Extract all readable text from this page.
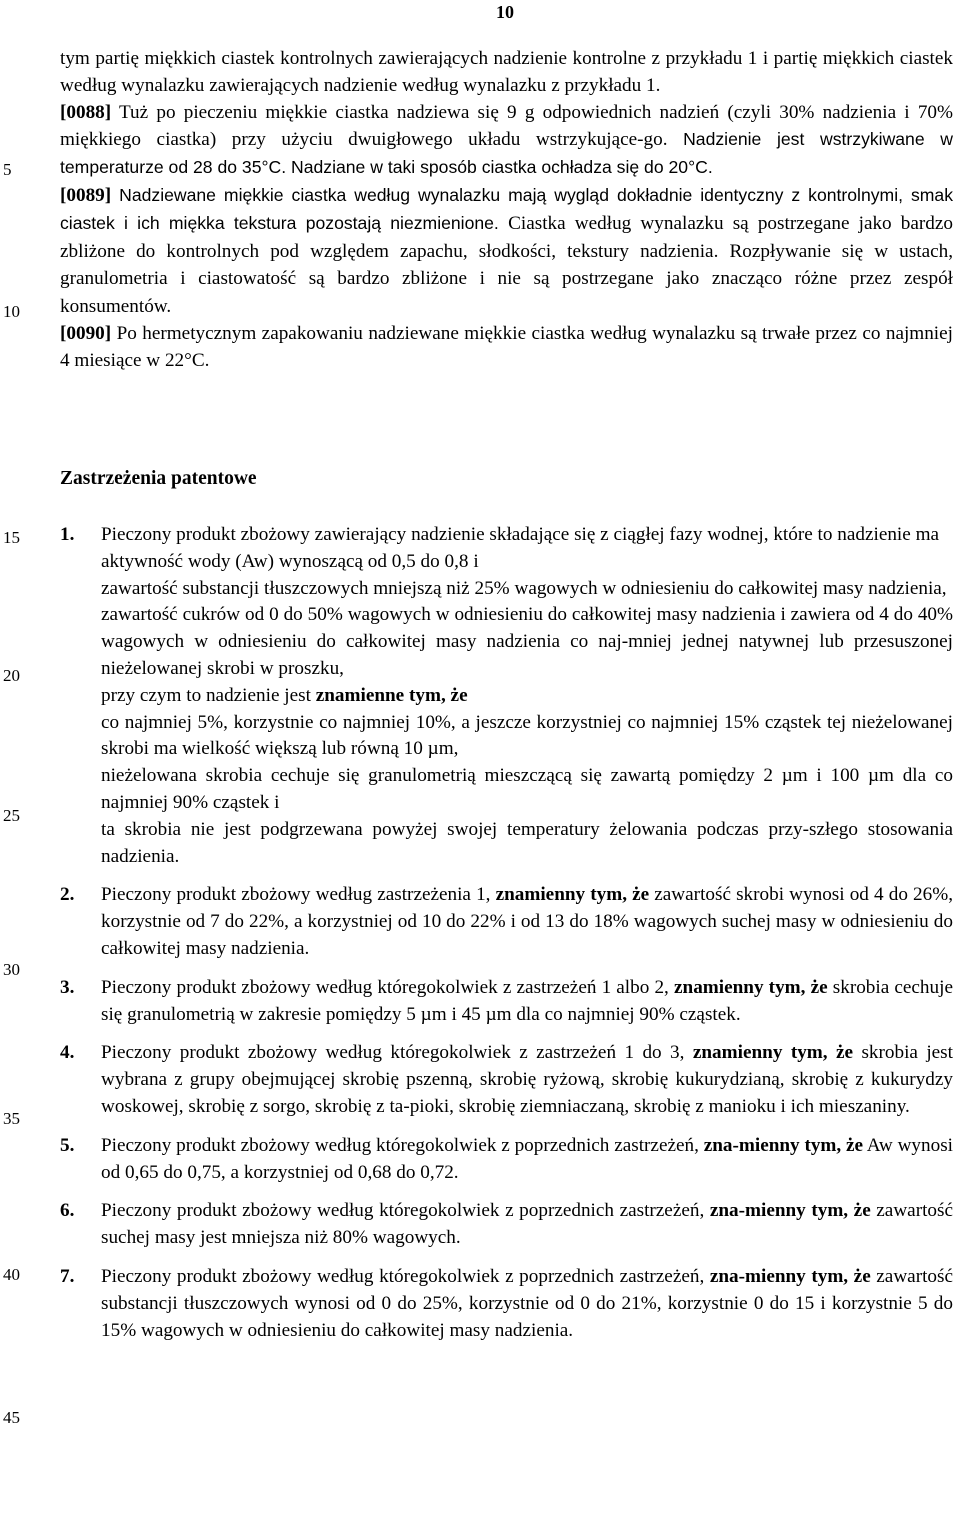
10
5
10
15
20
25
30
35
40
45

tym partię miękkich ciastek kontrolnych zawierających nadzienie kontrolne z przykładu 1 i partię miękkich ciastek według wynalazku zawierających nadzienie według wynalazku z przykładu 1.

[0088] Tuż po pieczeniu miękkie ciastka nadziewa się 9 g odpowiednich nadzień (czyli 30% nadzienia i 70% miękkiego ciastka) przy użyciu dwuigłowego układu wstrzykujące-go. Nadzienie jest wstrzykiwane w temperaturze od 28 do 35°C. Nadziane w taki sposób ciastka ochładza się do 20°C.

[0089] Nadziewane miękkie ciastka według wynalazku mają wygląd dokładnie identyczny z kontrolnymi, smak ciastek i ich miękka tekstura pozostają niezmienione. Ciastka według wynalazku są postrzegane jako bardzo zbliżone do kontrolnych pod względem zapachu, słodkości, tekstury nadzienia. Rozpływanie się w ustach, granulometria i ciastowatość są bardzo zbliżone i nie są postrzegane jako znacząco różne przez zespół konsumentów.

[0090] Po hermetycznym zapakowaniu nadziewane miękkie ciastka według wynalazku są trwałe przez co najmniej 4 miesiące w 22°C.

Zastrzeżenia patentowe
1. Pieczony produkt zbożowy zawierający nadzienie składające się z ciągłej fazy wodnej, które to nadzienie ma

aktywność wody (Aw) wynoszącą od 0,5 do 0,8 i

zawartość substancji tłuszczowych mniejszą niż 25% wagowych w odniesieniu do całkowitej masy nadzienia,

zawartość cukrów od 0 do 50% wagowych w odniesieniu do całkowitej masy nadzienia i zawiera od 4 do 40% wagowych w odniesieniu do całkowitej masy nadzienia co naj-mniej jednej natywnej lub przesuszonej nieżelowanej skrobi w proszku,

przy czym to nadzienie jest znamienne tym, że

co najmniej 5%, korzystnie co najmniej 10%, a jeszcze korzystniej co najmniej 15% cząstek tej nieżelowanej skrobi ma wielkość większą lub równą 10 µm,

nieżelowana skrobia cechuje się granulometrią mieszczącą się zawartą pomiędzy 2 µm i 100 µm dla co najmniej 90% cząstek i

ta skrobia nie jest podgrzewana powyżej swojej temperatury żelowania podczas przy-szłego stosowania nadzienia.

2. Pieczony produkt zbożowy według zastrzeżenia 1, znamienny tym, że zawartość skrobi wynosi od 4 do 26%, korzystnie od 7 do 22%, a korzystniej od 10 do 22% i od 13 do 18% wagowych suchej masy w odniesieniu do całkowitej masy nadzienia.

3. Pieczony produkt zbożowy według któregokolwiek z zastrzeżeń 1 albo 2, znamienny tym, że skrobia cechuje się granulometrią w zakresie pomiędzy 5 µm i 45 µm dla co najmniej 90% cząstek.

4. Pieczony produkt zbożowy według któregokolwiek z zastrzeżeń 1 do 3, znamienny tym, że skrobia jest wybrana z grupy obejmującej skrobię pszenną, skrobię ryżową, skrobię kukurydzianą, skrobię z kukurydzy woskowej, skrobię z sorgo, skrobię z ta-pioki, skrobię ziemniaczaną, skrobię z manioku i ich mieszaniny.

5. Pieczony produkt zbożowy według któregokolwiek z poprzednich zastrzeżeń, zna-mienny tym, że Aw wynosi od 0,65 do 0,75, a korzystniej od 0,68 do 0,72.

6. Pieczony produkt zbożowy według któregokolwiek z poprzednich zastrzeżeń, zna-mienny tym, że zawartość suchej masy jest mniejsza niż 80% wagowych.

7. Pieczony produkt zbożowy według któregokolwiek z poprzednich zastrzeżeń, zna-mienny tym, że zawartość substancji tłuszczowych wynosi od 0 do 25%, korzystnie od 0 do 21%, korzystnie 0 do 15 i korzystnie 5 do 15% wagowych w odniesieniu do całkowitej masy nadzienia.
